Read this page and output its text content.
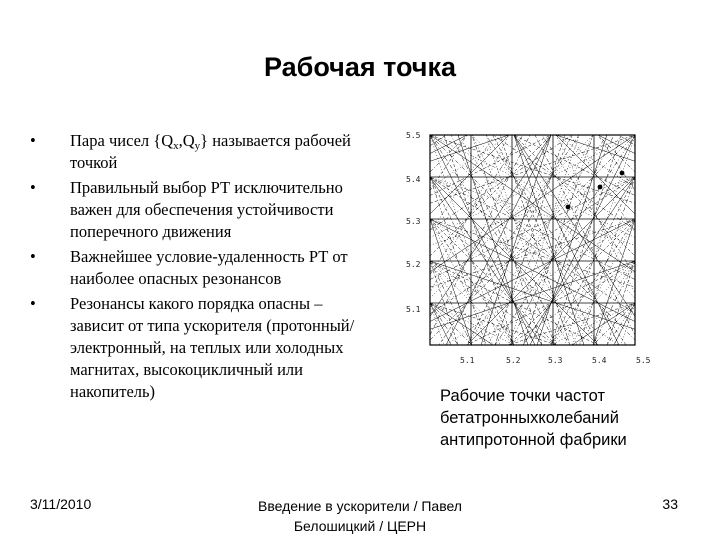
Рабочая точка
• Пара чисел $\{Q_x,Q_y\}$ называется рабочей точкой
• Правильный выбор РТ исключительно важен для обеспечения устойчивости поперечного движения
• Важнейшее условие-удаленность РТ от наиболее опасных резонансов
• Резонансы какого порядка опасны – зависит от типа ускорителя (протонный/ электронный, на теплых или холодных магнитах, высокоцикличный или накопитель)
5.5
5.4
5.3
5.2
5.1
5.1	5.2	5.3	5.4	5.5
Рабочие точки частот бетатронныхколебаний антипротонной фабрики
3/11/2010	Введение в ускорители / Павел
Белошицкий / ЦЕРН
33
